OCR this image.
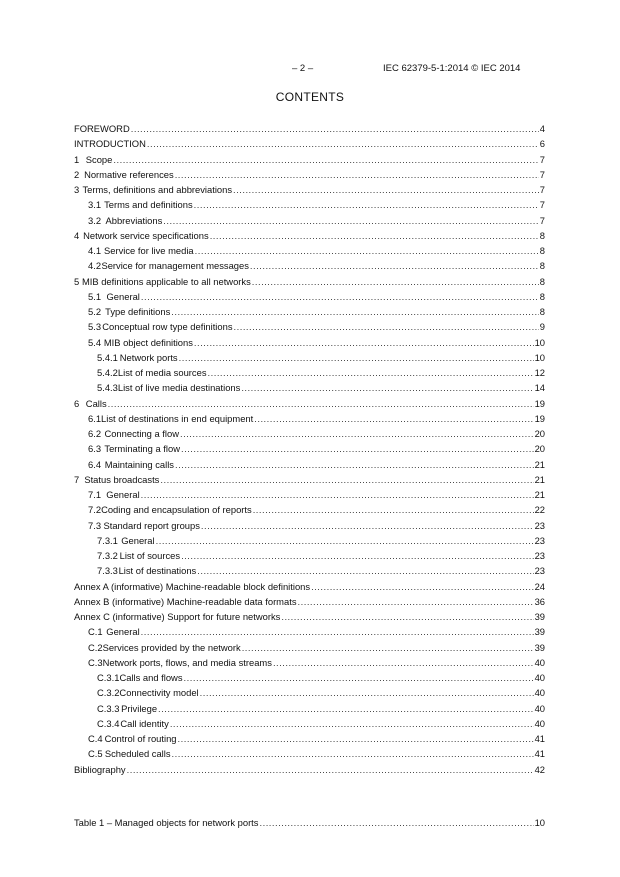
– 2 –	IEC 62379-5-1:2014 © IEC 2014
CONTENTS
FOREWORD .....	4
INTRODUCTION .....	6
1 Scope .....	7
2 Normative references .....	7
3 Terms, definitions and abbreviations .....	7
3.1 Terms and definitions .....	7
3.2 Abbreviations .....	7
4 Network service specifications .....	8
4.1 Service for live media .....	8
4.2 Service for management messages .....	8
5 MIB definitions applicable to all networks .....	8
5.1 General .....	8
5.2 Type definitions .....	8
5.3 Conceptual row type definitions .....	9
5.4 MIB object definitions .....	10
5.4.1 Network ports .....	10
5.4.2 List of media sources .....	12
5.4.3 List of live media destinations .....	14
6 Calls .....	19
6.1 List of destinations in end equipment .....	19
6.2 Connecting a flow .....	20
6.3 Terminating a flow .....	20
6.4 Maintaining calls .....	21
7 Status broadcasts .....	21
7.1 General .....	21
7.2 Coding and encapsulation of reports .....	22
7.3 Standard report groups .....	23
7.3.1 General .....	23
7.3.2 List of sources .....	23
7.3.3 List of destinations .....	23
Annex A (informative) Machine-readable block definitions .....	24
Annex B (informative) Machine-readable data formats .....	36
Annex C (informative) Support for future networks .....	39
C.1 General .....	39
C.2 Services provided by the network .....	39
C.3 Network ports, flows, and media streams .....	40
C.3.1 Calls and flows .....	40
C.3.2 Connectivity model .....	40
C.3.3 Privilege .....	40
C.3.4 Call identity .....	40
C.4 Control of routing .....	41
C.5 Scheduled calls .....	41
Bibliography .....	42
Table 1 – Managed objects for network ports .....	10
